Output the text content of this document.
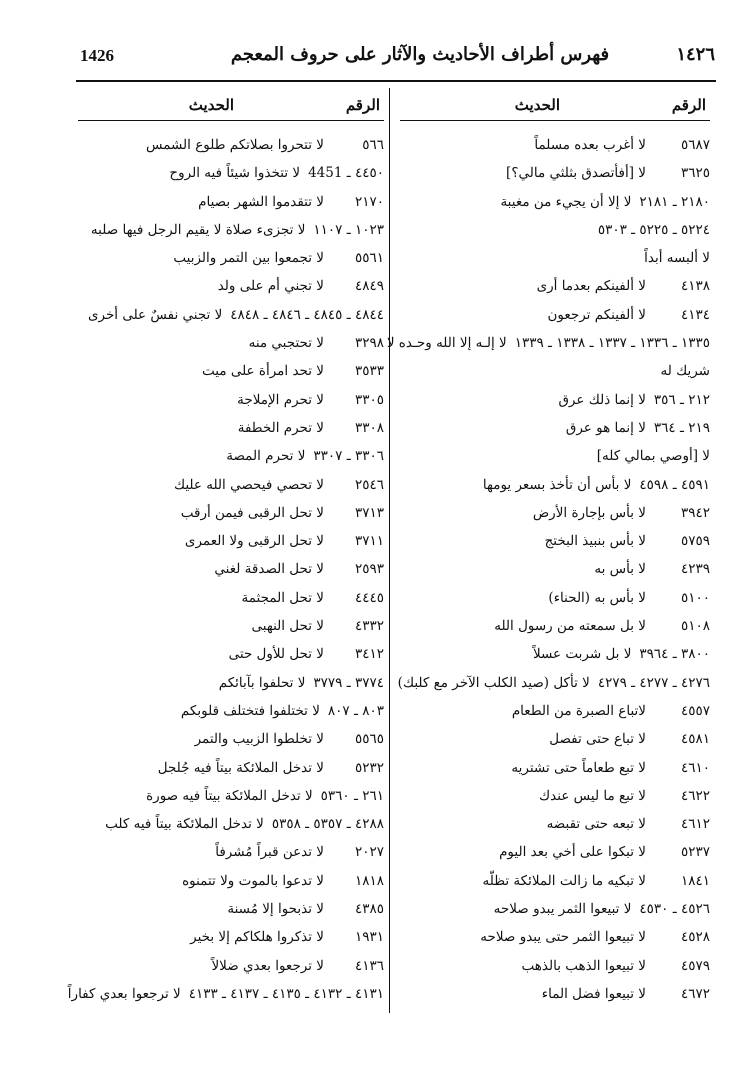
1426	فهرس أطراف الأحاديث والآثار على حروف المعجم	١٤٢٦
الرقم
الحديث
٥٦٨٧لا أغرب بعده مسلماً
٣٦٢٥لا [أفأتصدق بثلثي مالي؟]
٢١٨٠ ـ ٢١٨١لا إلا أن يجيء من مغيبة
٥٢٢٤ ـ ٥٢٢٥ ـ ٥٣٠٣
لا ألبسه أبداً
٤١٣٨لا ألفينكم بعدما أرى
٤١٣٤لا ألفينكم ترجعون
١٣٣٥ ـ ١٣٣٦ ـ ١٣٣٧ ـ ١٣٣٨ ـ ١٣٣٩لا إلـه إلا الله وحـده لا
شريك له
٢١٢ ـ ٣٥٦لا إنما ذلك عرق
٢١٩ ـ ٣٦٤لا إنما هو عرق
لا [أوصي بمالي كله]
٤٥٩١ ـ ٤٥٩٨لا بأس أن تأخذ بسعر يومها
٣٩٤٢لا بأس بإجارة الأرض
٥٧٥٩لا بأس بنبيذ البختج
٤٢٣٩لا بأس به
٥١٠٠لا بأس به (الحناء)
٥١٠٨لا بل سمعته من رسول الله
٣٨٠٠ ـ ٣٩٦٤لا بل شربت عسلاً
٤٢٧٦ ـ ٤٢٧٧ ـ ٤٢٧٩لا تأكل (صيد الكلب الآخر مع كلبك)
٤٥٥٧لاتباع الصبرة من الطعام
٤٥٨١لا تباع حتى تفصل
٤٦١٠لا تبع طعاماً حتى تشتريه
٤٦٢٢لا تبع ما ليس عندك
٤٦١٢لا تبعه حتى تقبضه
٥٢٣٧لا تبكوا على أخي بعد اليوم
١٨٤١لا تبكيه ما زالت الملائكة تظلّه
٤٥٢٦ ـ ٤٥٣٠لا تبيعوا الثمر يبدو صلاحه
٤٥٢٨لا تبيعوا الثمر حتى يبدو صلاحه
٤٥٧٩لا تبيعوا الذهب بالذهب
٤٦٧٢لا تبيعوا فضل الماء
الرقم
الحديث
٥٦٦لا تتحروا بصلاتكم طلوع الشمس
٤٤٥٠ ـ 4451لا تتخذوا شيئاً فيه الروح
٢١٧٠لا تتقدموا الشهر بصيام
١٠٢٣ ـ ١١٠٧لا تجزىء صلاة لا يقيم الرجل فيها صلبه
٥٥٦١لا تجمعوا بين التمر والزبيب
٤٨٤٩لا تجني أم على ولد
٤٨٤٤ ـ ٤٨٤٥ ـ ٤٨٤٦ ـ ٤٨٤٨لا تجني نفسٌ على أخرى
٣٢٩٨لا تحتجبي منه
٣٥٣٣لا تحد امرأة على ميت
٣٣٠٥لا تحرم الإملاجة
٣٣٠٨لا تحرم الخطفة
٣٣٠٦ ـ ٣٣٠٧لا تحرم المصة
٢٥٤٦لا تحصي فيحصي الله عليك
٣٧١٣لا تحل الرقبى فيمن أرقب
٣٧١١لا تحل الرقبى ولا العمرى
٢٥٩٣لا تحل الصدقة لغني
٤٤٤٥لا تحل المجثمة
٤٣٣٢لا تحل النهبى
٣٤١٢لا تحل للأول حتى
٣٧٧٤ ـ ٣٧٧٩لا تحلفوا بآبائكم
٨٠٣ ـ ٨٠٧لا تختلفوا فتختلف قلوبكم
٥٥٦٥لا تخلطوا الزبيب والتمر
٥٢٣٢لا تدخل الملائكة بيتاً فيه جُلجل
٢٦١ ـ ٥٣٦٠لا تدخل الملائكة بيتاً فيه صورة
٤٢٨٨ ـ ٥٣٥٧ ـ ٥٣٥٨لا تدخل الملائكة بيتاً فيه كلب
٢٠٢٧لا تدعن قبراً مُشرفاً
١٨١٨لا تدعوا بالموت ولا تتمنوه
٤٣٨٥لا تذبحوا إلا مُسنة
١٩٣١لا تذكروا هلكاكم إلا بخير
٤١٣٦لا ترجعوا بعدي ضلالاً
٤١٣١ ـ ٤١٣٢ ـ ٤١٣٥ ـ ٤١٣٧ ـ ٤١٣٣لا ترجعوا بعدي كفاراً
